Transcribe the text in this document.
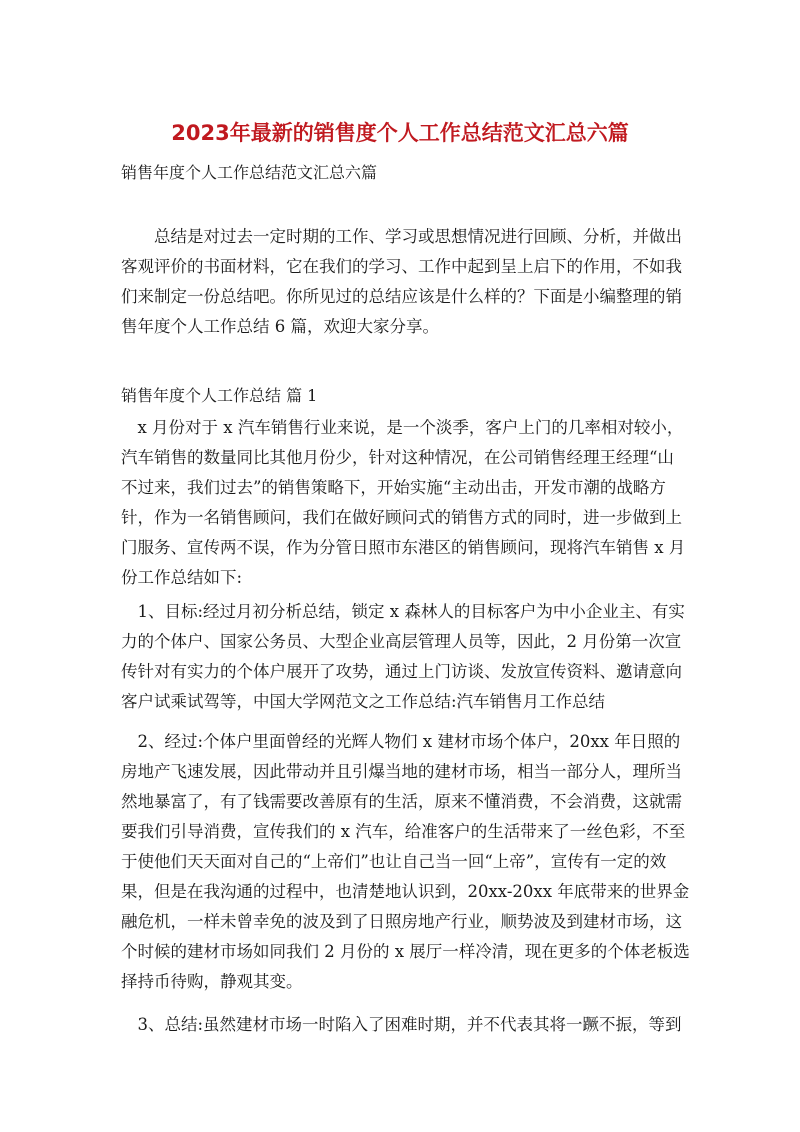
2023年最新的销售度个人工作总结范文汇总六篇
销售年度个人工作总结范文汇总六篇
　　总结是对过去一定时期的工作、学习或思想情况进行回顾、分析，并做出
客观评价的书面材料，它在我们的学习、工作中起到呈上启下的作用，不如我
们来制定一份总结吧。你所见过的总结应该是什么样的？下面是小编整理的销
售年度个人工作总结 6 篇，欢迎大家分享。
销售年度个人工作总结 篇 1
　x 月份对于 x 汽车销售行业来说，是一个淡季，客户上门的几率相对较小，
汽车销售的数量同比其他月份少，针对这种情况，在公司销售经理王经理“山
不过来，我们过去”的销售策略下，开始实施“主动出击，开发市潮的战略方
针，作为一名销售顾问，我们在做好顾问式的销售方式的同时，进一步做到上
门服务、宣传两不误，作为分管日照市东港区的销售顾问，现将汽车销售 x 月
份工作总结如下:
　1、目标:经过月初分析总结，锁定 x 森林人的目标客户为中小企业主、有实
力的个体户、国家公务员、大型企业高层管理人员等，因此，2 月份第一次宣
传针对有实力的个体户展开了攻势，通过上门访谈、发放宣传资料、邀请意向
客户试乘试驾等，中国大学网范文之工作总结:汽车销售月工作总结
　2、经过:个体户里面曾经的光辉人物们 x 建材市场个体户，20xx 年日照的
房地产飞速发展，因此带动并且引爆当地的建材市场，相当一部分人，理所当
然地暴富了，有了钱需要改善原有的生活，原来不懂消费，不会消费，这就需
要我们引导消费，宣传我们的 x 汽车，给准客户的生活带来了一丝色彩，不至
于使他们天天面对自己的“上帝们”也让自己当一回“上帝”，宣传有一定的效
果，但是在我沟通的过程中，也清楚地认识到，20xx-20xx 年底带来的世界金
融危机，一样未曾幸免的波及到了日照房地产行业，顺势波及到建材市场，这
个时候的建材市场如同我们 2 月份的 x 展厅一样冷清，现在更多的个体老板选
择持币待购，静观其变。
　3、总结:虽然建材市场一时陷入了困难时期，并不代表其将一蹶不振，等到
